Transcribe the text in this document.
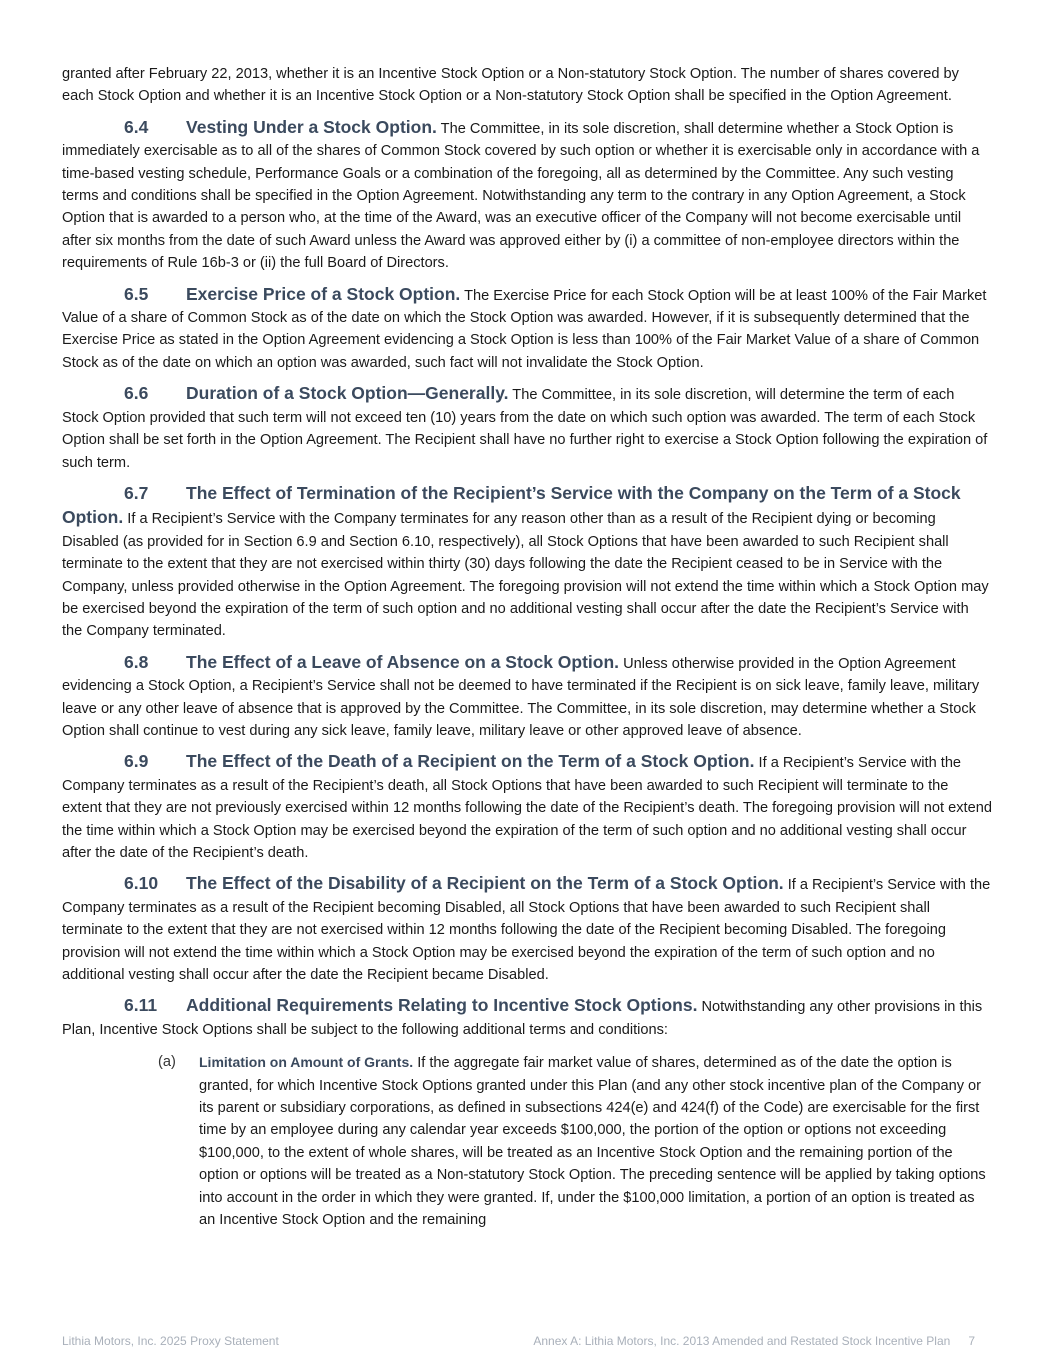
granted after February 22, 2013, whether it is an Incentive Stock Option or a Non-statutory Stock Option. The number of shares covered by each Stock Option and whether it is an Incentive Stock Option or a Non-statutory Stock Option shall be specified in the Option Agreement.

6.4 Vesting Under a Stock Option. The Committee, in its sole discretion, shall determine whether a Stock Option is immediately exercisable as to all of the shares of Common Stock covered by such option or whether it is exercisable only in accordance with a time-based vesting schedule, Performance Goals or a combination of the foregoing, all as determined by the Committee. Any such vesting terms and conditions shall be specified in the Option Agreement. Notwithstanding any term to the contrary in any Option Agreement, a Stock Option that is awarded to a person who, at the time of the Award, was an executive officer of the Company will not become exercisable until after six months from the date of such Award unless the Award was approved either by (i) a committee of non-employee directors within the requirements of Rule 16b-3 or (ii) the full Board of Directors.

6.5 Exercise Price of a Stock Option. The Exercise Price for each Stock Option will be at least 100% of the Fair Market Value of a share of Common Stock as of the date on which the Stock Option was awarded. However, if it is subsequently determined that the Exercise Price as stated in the Option Agreement evidencing a Stock Option is less than 100% of the Fair Market Value of a share of Common Stock as of the date on which an option was awarded, such fact will not invalidate the Stock Option.

6.6 Duration of a Stock Option—Generally. The Committee, in its sole discretion, will determine the term of each Stock Option provided that such term will not exceed ten (10) years from the date on which such option was awarded. The term of each Stock Option shall be set forth in the Option Agreement. The Recipient shall have no further right to exercise a Stock Option following the expiration of such term.

6.7 The Effect of Termination of the Recipient’s Service with the Company on the Term of a Stock Option. If a Recipient’s Service with the Company terminates for any reason other than as a result of the Recipient dying or becoming Disabled (as provided for in Section 6.9 and Section 6.10, respectively), all Stock Options that have been awarded to such Recipient shall terminate to the extent that they are not exercised within thirty (30) days following the date the Recipient ceased to be in Service with the Company, unless provided otherwise in the Option Agreement. The foregoing provision will not extend the time within which a Stock Option may be exercised beyond the expiration of the term of such option and no additional vesting shall occur after the date the Recipient’s Service with the Company terminated.

6.8 The Effect of a Leave of Absence on a Stock Option. Unless otherwise provided in the Option Agreement evidencing a Stock Option, a Recipient’s Service shall not be deemed to have terminated if the Recipient is on sick leave, family leave, military leave or any other leave of absence that is approved by the Committee. The Committee, in its sole discretion, may determine whether a Stock Option shall continue to vest during any sick leave, family leave, military leave or other approved leave of absence.

6.9 The Effect of the Death of a Recipient on the Term of a Stock Option. If a Recipient’s Service with the Company terminates as a result of the Recipient’s death, all Stock Options that have been awarded to such Recipient will terminate to the extent that they are not previously exercised within 12 months following the date of the Recipient’s death. The foregoing provision will not extend the time within which a Stock Option may be exercised beyond the expiration of the term of such option and no additional vesting shall occur after the date of the Recipient’s death.

6.10 The Effect of the Disability of a Recipient on the Term of a Stock Option. If a Recipient’s Service with the Company terminates as a result of the Recipient becoming Disabled, all Stock Options that have been awarded to such Recipient shall terminate to the extent that they are not exercised within 12 months following the date of the Recipient becoming Disabled. The foregoing provision will not extend the time within which a Stock Option may be exercised beyond the expiration of the term of such option and no additional vesting shall occur after the date the Recipient became Disabled.

6.11 Additional Requirements Relating to Incentive Stock Options. Notwithstanding any other provisions in this Plan, Incentive Stock Options shall be subject to the following additional terms and conditions:

(a) Limitation on Amount of Grants. If the aggregate fair market value of shares, determined as of the date the option is granted, for which Incentive Stock Options granted under this Plan (and any other stock incentive plan of the Company or its parent or subsidiary corporations, as defined in subsections 424(e) and 424(f) of the Code) are exercisable for the first time by an employee during any calendar year exceeds $100,000, the portion of the option or options not exceeding $100,000, to the extent of whole shares, will be treated as an Incentive Stock Option and the remaining portion of the option or options will be treated as a Non-statutory Stock Option. The preceding sentence will be applied by taking options into account in the order in which they were granted. If, under the $100,000 limitation, a portion of an option is treated as an Incentive Stock Option and the remaining
Lithia Motors, Inc. 2025 Proxy Statement	Annex A: Lithia Motors, Inc. 2013 Amended and Restated Stock Incentive Plan 7
